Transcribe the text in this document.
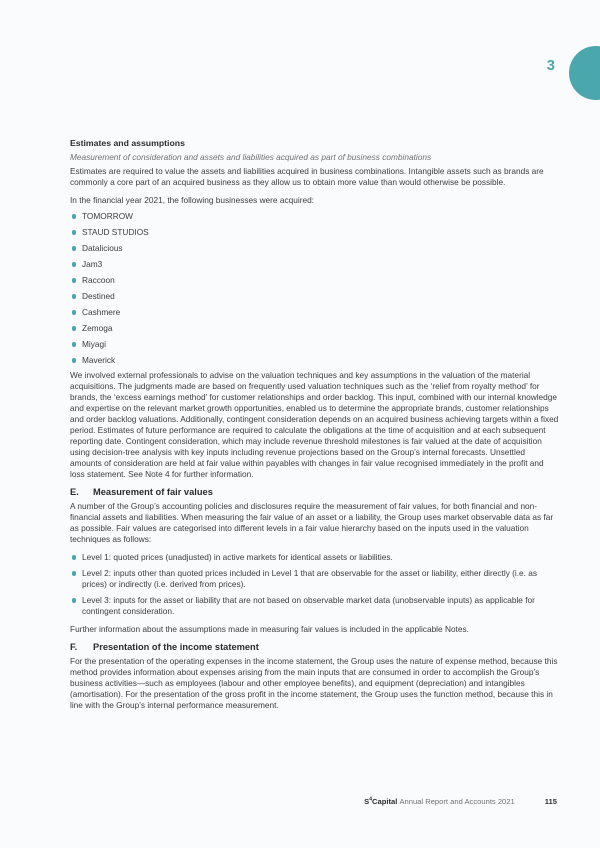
3
Estimates and assumptions
Measurement of consideration and assets and liabilities acquired as part of business combinations

Estimates are required to value the assets and liabilities acquired in business combinations. Intangible assets such as brands are commonly a core part of an acquired business as they allow us to obtain more value than would otherwise be possible.

In the financial year 2021, the following businesses were acquired:

TOMORROW
STAUD STUDIOS
Datalicious
Jam3
Raccoon
Destined
Cashmere
Zemoga
Miyagi
Maverick

We involved external professionals to advise on the valuation techniques and key assumptions in the valuation of the material acquisitions. The judgments made are based on frequently used valuation techniques such as the ‘relief from royalty method’ for brands, the ‘excess earnings method’ for customer relationships and order backlog. This input, combined with our internal knowledge and expertise on the relevant market growth opportunities, enabled us to determine the appropriate brands, customer relationships and order backlog valuations. Additionally, contingent consideration depends on an acquired business achieving targets within a fixed period. Estimates of future performance are required to calculate the obligations at the time of acquisition and at each subsequent reporting date. Contingent consideration, which may include revenue threshold milestones is fair valued at the date of acquisition using decision-tree analysis with key inputs including revenue projections based on the Group’s internal forecasts. Unsettled amounts of consideration are held at fair value within payables with changes in fair value recognised immediately in the profit and loss statement. See Note 4 for further information.

E.	Measurement of fair values

A number of the Group’s accounting policies and disclosures require the measurement of fair values, for both financial and non-financial assets and liabilities. When measuring the fair value of an asset or a liability, the Group uses market observable data as far as possible. Fair values are categorised into different levels in a fair value hierarchy based on the inputs used in the valuation techniques as follows:

Level 1: quoted prices (unadjusted) in active markets for identical assets or liabilities.
Level 2: inputs other than quoted prices included in Level 1 that are observable for the asset or liability, either directly (i.e. as prices) or indirectly (i.e. derived from prices).
Level 3: inputs for the asset or liability that are not based on observable market data (unobservable inputs) as applicable for contingent consideration.

Further information about the assumptions made in measuring fair values is included in the applicable Notes.

F.	Presentation of the income statement

For the presentation of the operating expenses in the income statement, the Group uses the nature of expense method, because this method provides information about expenses arising from the main inputs that are consumed in order to accomplish the Group’s business activities—such as employees (labour and other employee benefits), and equipment (depreciation) and intangibles (amortisation). For the presentation of the gross profit in the income statement, the Group uses the function method, because this in line with the Group’s internal performance measurement.

$S^4Capital$ Annual Report and Accounts 2021	115
